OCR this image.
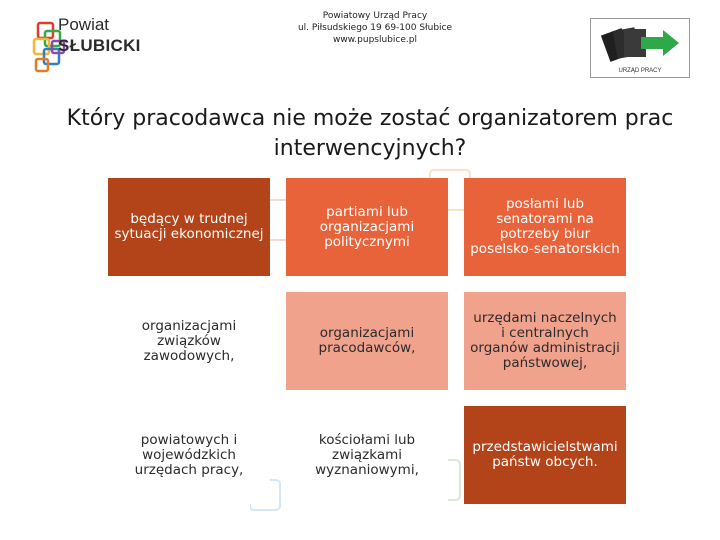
Powiat
SŁUBICKI
Powiatowy Urząd Pracy
ul. Piłsudskiego 19 69-100 Słubice
www.pupslubice.pl
URZĄD PRACY
Który pracodawca nie może zostać organizatorem prac interwencyjnych?
będący w trudnej sytuacji ekonomicznej
partiami lub organizacjami politycznymi
posłami lub senatorami na potrzeby biur poselsko-senatorskich
organizacjami związków zawodowych,
organizacjami pracodawców,
urzędami naczelnych i centralnych organów administracji państwowej,
powiatowych i wojewódzkich urzędach pracy,
kościołami lub związkami wyznaniowymi,
przedstawicielstwami państw obcych.
